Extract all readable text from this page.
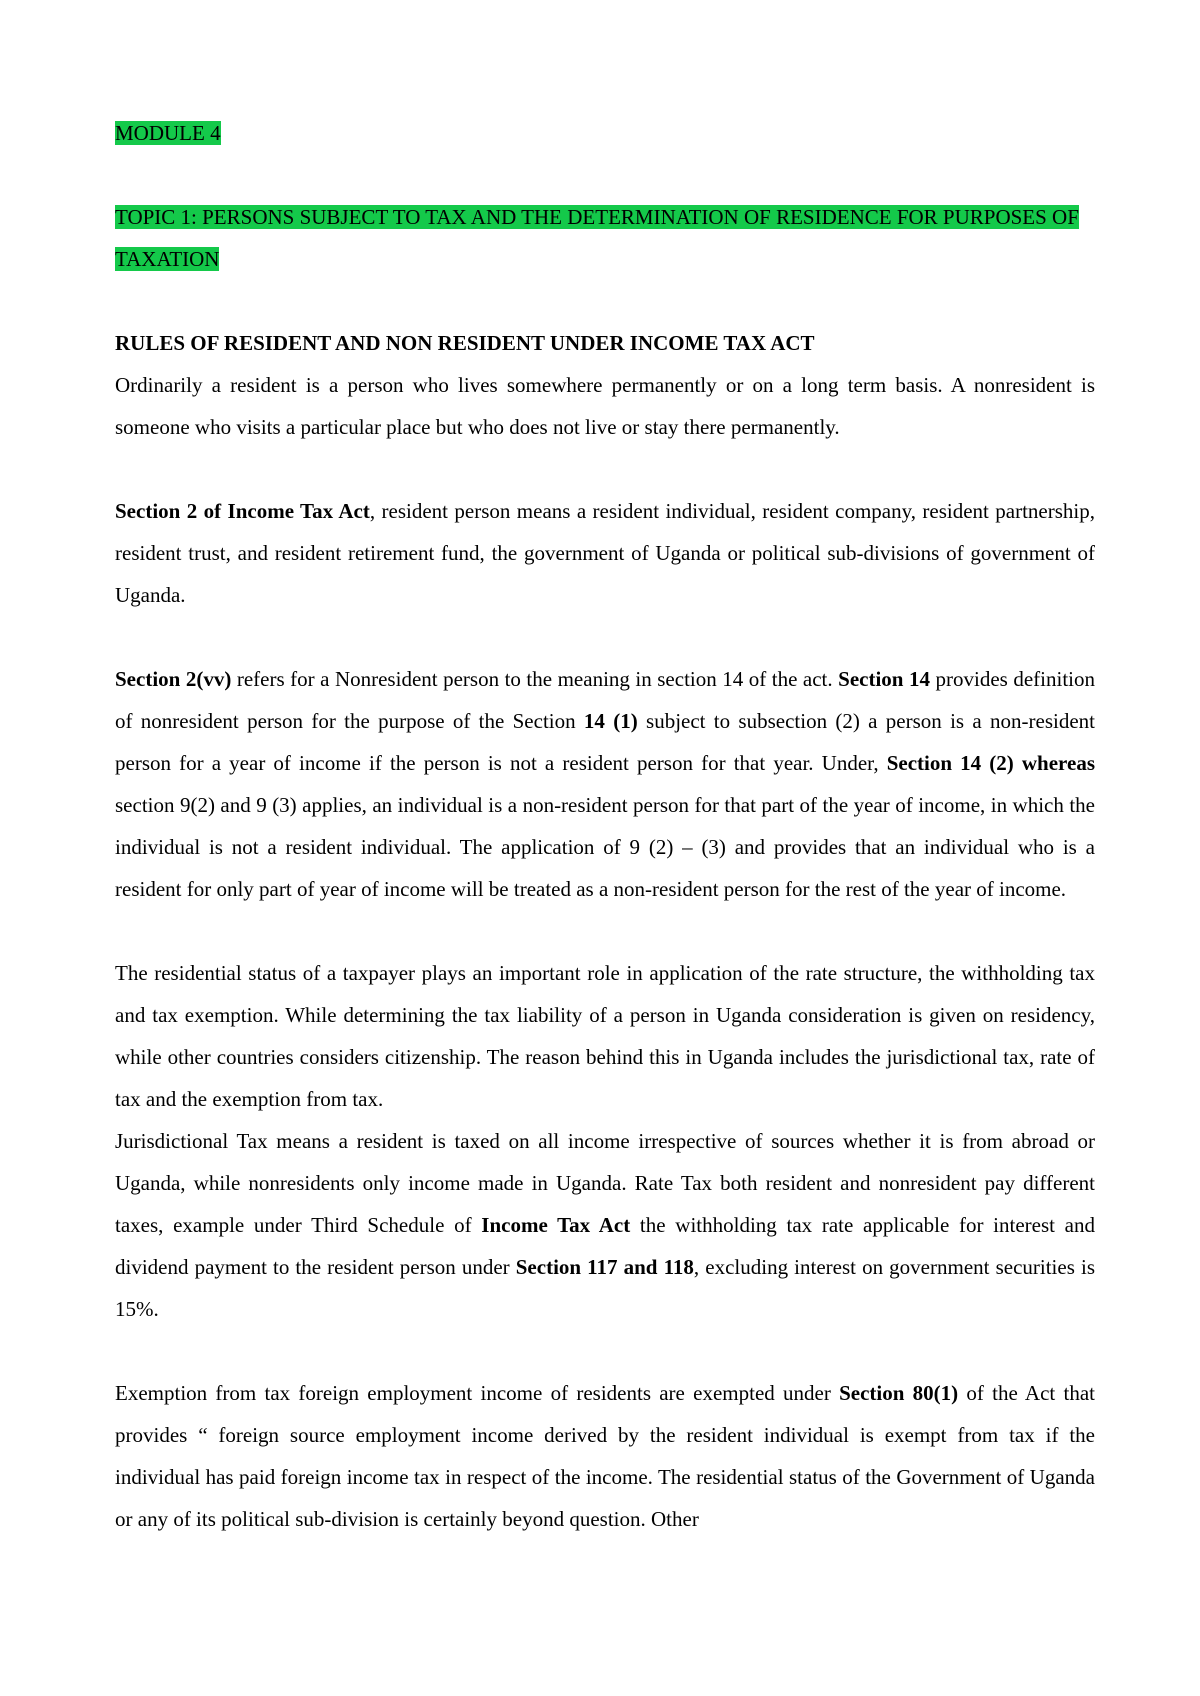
MODULE 4

TOPIC 1: PERSONS SUBJECT TO TAX AND THE DETERMINATION OF RESIDENCE FOR PURPOSES OF TAXATION

RULES OF RESIDENT AND NON RESIDENT UNDER INCOME TAX ACT

Ordinarily a resident is a person who lives somewhere permanently or on a long term basis. A nonresident is someone who visits a particular place but who does not live or stay there permanently.

Section 2 of Income Tax Act, resident person means a resident individual, resident company, resident partnership, resident trust, and resident retirement fund, the government of Uganda or political sub-divisions of government of Uganda.

Section 2(vv) refers for a Nonresident person to the meaning in section 14 of the act. Section 14 provides definition of nonresident person for the purpose of the Section 14 (1) subject to subsection (2) a person is a non-resident person for a year of income if the person is not a resident person for that year. Under, Section 14 (2) whereas section 9(2) and 9 (3) applies, an individual is a non-resident person for that part of the year of income, in which the individual is not a resident individual. The application of 9 (2) – (3) and provides that an individual who is a resident for only part of year of income will be treated as a non-resident person for the rest of the year of income.

The residential status of a taxpayer plays an important role in application of the rate structure, the withholding tax and tax exemption. While determining the tax liability of a person in Uganda consideration is given on residency, while other countries considers citizenship. The reason behind this in Uganda includes the jurisdictional tax, rate of tax and the exemption from tax.

Jurisdictional Tax means a resident is taxed on all income irrespective of sources whether it is from abroad or Uganda, while nonresidents only income made in Uganda. Rate Tax both resident and nonresident pay different taxes, example under Third Schedule of Income Tax Act the withholding tax rate applicable for interest and dividend payment to the resident person under Section 117 and 118, excluding interest on government securities is 15%.

Exemption from tax foreign employment income of residents are exempted under Section 80(1) of the Act that provides “ foreign source employment income derived by the resident individual is exempt from tax if the individual has paid foreign income tax in respect of the income. The residential status of the Government of Uganda or any of its political sub-division is certainly beyond question. Other
